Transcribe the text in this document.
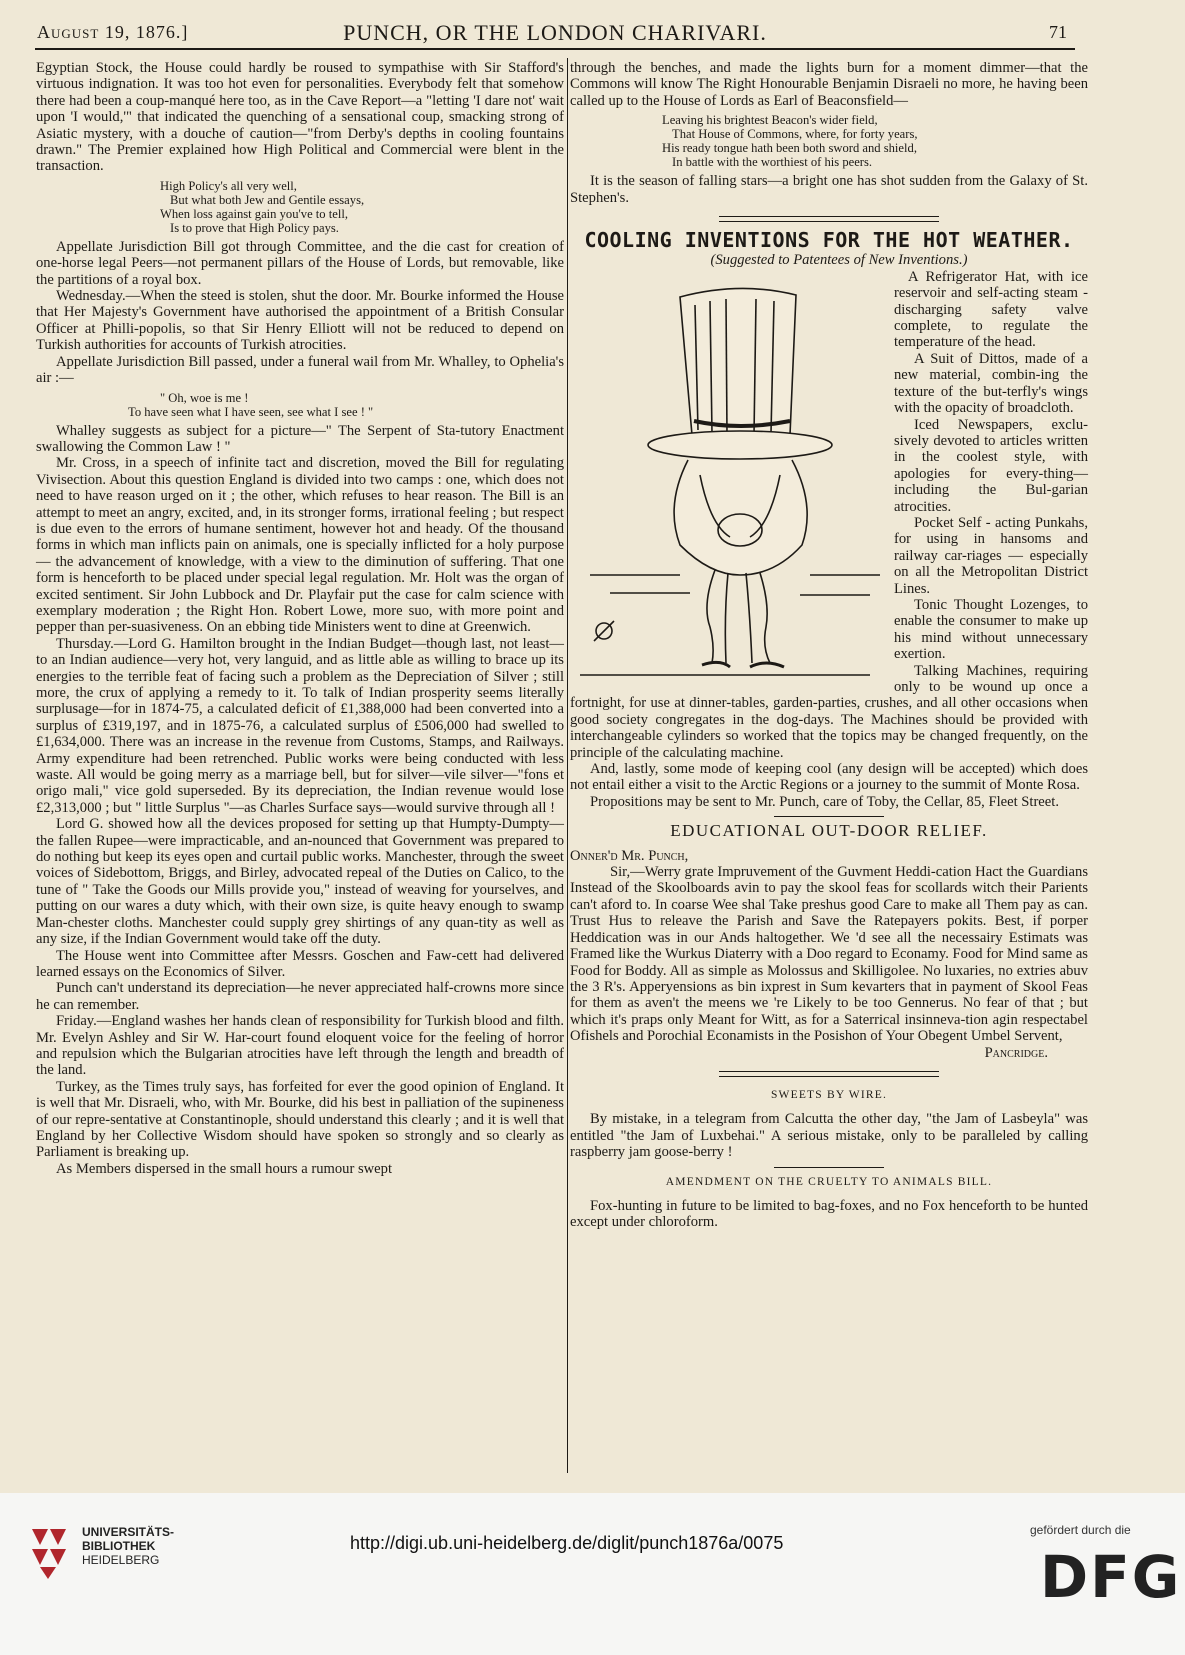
August 19, 1876.]	PUNCH, OR THE LONDON CHARIVARI.	71

Egyptian Stock, the House could hardly be roused to sympathise with Sir Stafford's virtuous indignation. It was too hot even for personalities. Everybody felt that somehow there had been a coup-manqué here too, as in the Cave Report—a "letting 'I dare not' wait upon 'I would,'" that indicated the quenching of a sensational coup, smacking strong of Asiatic mystery, with a douche of caution—"from Derby's depths in cooling fountains drawn." The Premier explained how High Political and Commercial were blent in the transaction.

High Policy's all very well,
But what both Jew and Gentile essays,
When loss against gain you've to tell,
Is to prove that High Policy pays.

Appellate Jurisdiction Bill got through Committee, and the die cast for creation of one-horse legal Peers—not permanent pillars of the House of Lords, but removable, like the partitions of a royal box.

Wednesday.—When the steed is stolen, shut the door. Mr. Bourke informed the House that Her Majesty's Government have authorised the appointment of a British Consular Officer at Philli-popolis, so that Sir Henry Elliott will not be reduced to depend on Turkish authorities for accounts of Turkish atrocities.

Appellate Jurisdiction Bill passed, under a funeral wail from Mr. Whalley, to Ophelia's air :—

" Oh, woe is me !
To have seen what I have seen, see what I see ! "

Whalley suggests as subject for a picture—" The Serpent of Sta-tutory Enactment swallowing the Common Law ! "

Mr. Cross, in a speech of infinite tact and discretion, moved the Bill for regulating Vivisection. About this question England is divided into two camps : one, which does not need to have reason urged on it ; the other, which refuses to hear reason. The Bill is an attempt to meet an angry, excited, and, in its stronger forms, irrational feeling ; but respect is due even to the errors of humane sentiment, however hot and heady. Of the thousand forms in which man inflicts pain on animals, one is specially inflicted for a holy purpose — the advancement of knowledge, with a view to the diminution of suffering. That one form is henceforth to be placed under special legal regulation. Mr. Holt was the organ of excited sentiment. Sir John Lubbock and Dr. Playfair put the case for calm science with exemplary moderation ; the Right Hon. Robert Lowe, more suo, with more point and pepper than per-suasiveness. On an ebbing tide Ministers went to dine at Greenwich.

Thursday.—Lord G. Hamilton brought in the Indian Budget—though last, not least—to an Indian audience—very hot, very languid, and as little able as willing to brace up its energies to the terrible feat of facing such a problem as the Depreciation of Silver ; still more, the crux of applying a remedy to it. To talk of Indian prosperity seems literally surplusage—for in 1874-75, a calculated deficit of £1,388,000 had been converted into a surplus of £319,197, and in 1875-76, a calculated surplus of £506,000 had swelled to £1,634,000. There was an increase in the revenue from Customs, Stamps, and Railways. Army expenditure had been retrenched. Public works were being conducted with less waste. All would be going merry as a marriage bell, but for silver—vile silver—"fons et origo mali," vice gold superseded. By its depreciation, the Indian revenue would lose £2,313,000 ; but " little Surplus "—as Charles Surface says—would survive through all !

Lord G. showed how all the devices proposed for setting up that Humpty-Dumpty—the fallen Rupee—were impracticable, and an-nounced that Government was prepared to do nothing but keep its eyes open and curtail public works. Manchester, through the sweet voices of Sidebottom, Briggs, and Birley, advocated repeal of the Duties on Calico, to the tune of " Take the Goods our Mills provide you," instead of weaving for yourselves, and putting on our wares a duty which, with their own size, is quite heavy enough to swamp Man-chester cloths. Manchester could supply grey shirtings of any quan-tity as well as any size, if the Indian Government would take off the duty.

The House went into Committee after Messrs. Goschen and Faw-cett had delivered learned essays on the Economics of Silver.

Punch can't understand its depreciation—he never appreciated half-crowns more since he can remember.

Friday.—England washes her hands clean of responsibility for Turkish blood and filth. Mr. Evelyn Ashley and Sir W. Har-court found eloquent voice for the feeling of horror and repulsion which the Bulgarian atrocities have left through the length and breadth of the land.

Turkey, as the Times truly says, has forfeited for ever the good opinion of England. It is well that Mr. Disraeli, who, with Mr. Bourke, did his best in palliation of the supineness of our repre-sentative at Constantinople, should understand this clearly ; and it is well that England by her Collective Wisdom should have spoken so strongly and so clearly as Parliament is breaking up.

As Members dispersed in the small hours a rumour swept

through the benches, and made the lights burn for a moment dimmer—that the Commons will know The Right Honourable Benjamin Disraeli no more, he having been called up to the House of Lords as Earl of Beaconsfield—

Leaving his brightest Beacon's wider field,
That House of Commons, where, for forty years,
His ready tongue hath been both sword and shield,
In battle with the worthiest of his peers.

It is the season of falling stars—a bright one has shot sudden from the Galaxy of St. Stephen's.

COOLING INVENTIONS FOR THE HOT WEATHER.

(Suggested to Patentees of New Inventions.)

A Refrigerator Hat, with ice reservoir and self-acting steam - discharging safety valve complete, to regulate the temperature of the head.

A Suit of Dittos, made of a new material, combin-ing the texture of the but-terfly's wings with the opacity of broadcloth.

Iced Newspapers, exclu-sively devoted to articles written in the coolest style, with apologies for every-thing—including the Bul-garian atrocities.

Pocket Self - acting Punkahs, for using in hansoms and railway car-riages — especially on all the Metropolitan District Lines.

Tonic Thought Lozenges, to enable the consumer to make up his mind without unnecessary exertion.

Talking Machines, requiring only to be wound up once a fortnight, for use at dinner-tables, garden-parties, crushes, and all other occasions when good society congregates in the dog-days. The Machines should be provided with interchangeable cylinders so worked that the topics may be changed frequently, on the principle of the calculating machine.

And, lastly, some mode of keeping cool (any design will be accepted) which does not entail either a visit to the Arctic Regions or a journey to the summit of Monte Rosa.

Propositions may be sent to Mr. Punch, care of Toby, the Cellar, 85, Fleet Street.

EDUCATIONAL OUT-DOOR RELIEF.

Onner'd Mr. Punch,

Sir,—Werry grate Impruvement of the Guvment Heddi-cation Hact the Guardians Instead of the Skoolboards avin to pay the skool feas for scollards witch their Parients can't aford to. In coarse Wee shal Take preshus good Care to make all Them pay as can. Trust Hus to releave the Parish and Save the Ratepayers pokits. Best, if porper Heddication was in our Ands haltogether. We 'd see all the necessairy Estimats was Framed like the Wurkus Diaterry with a Doo regard to Econamy. Food for Mind same as Food for Boddy. All as simple as Molossus and Skilligolee. No luxaries, no extries abuv the 3 R's. Apperyensions as bin ixprest in Sum kevarters that in payment of Skool Feas for them as aven't the meens we 're Likely to be too Gennerus. No fear of that ; but which it's praps only Meant for Witt, as for a Saterrical insinneva-tion agin respectabel Ofishels and Porochial Econamists in the Posishon of Your Obegent Umbel Servent,

Pancridge.
SWEETS BY WIRE.

By mistake, in a telegram from Calcutta the other day, "the Jam of Lasbeyla" was entitled "the Jam of Luxbehai." A serious mistake, only to be paralleled by calling raspberry jam goose-berry !

AMENDMENT ON THE CRUELTY TO ANIMALS BILL.

Fox-hunting in future to be limited to bag-foxes, and no Fox henceforth to be hunted except under chloroform.

UNIVERSITÄTS-
BIBLIOTHEK
HEIDELBERG
http://digi.ub.uni-heidelberg.de/diglit/punch1876a/0075
gefördert durch die
DFG
